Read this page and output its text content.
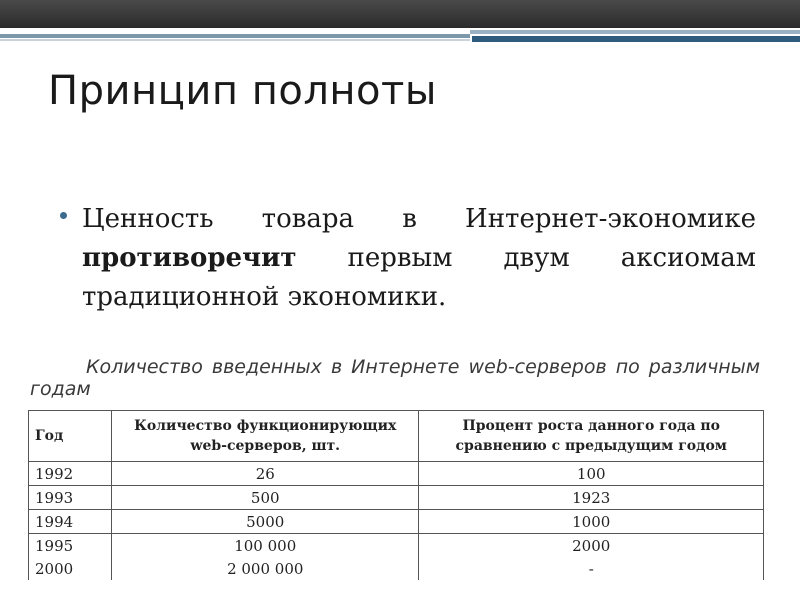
Принцип полноты

Ценность товара в Интернет-экономике противоречит первым двум аксиомам традиционной экономики.

Количество введенных в Интернете web-серверов по различным годам

Год	Количество функционирующих web-серверов, шт.	Процент роста данного года по сравнению с предыдущим годом
1992	26	100
1993	500	1923
1994	5000	1000
1995	100 000	2000
2000	2 000 000	-
